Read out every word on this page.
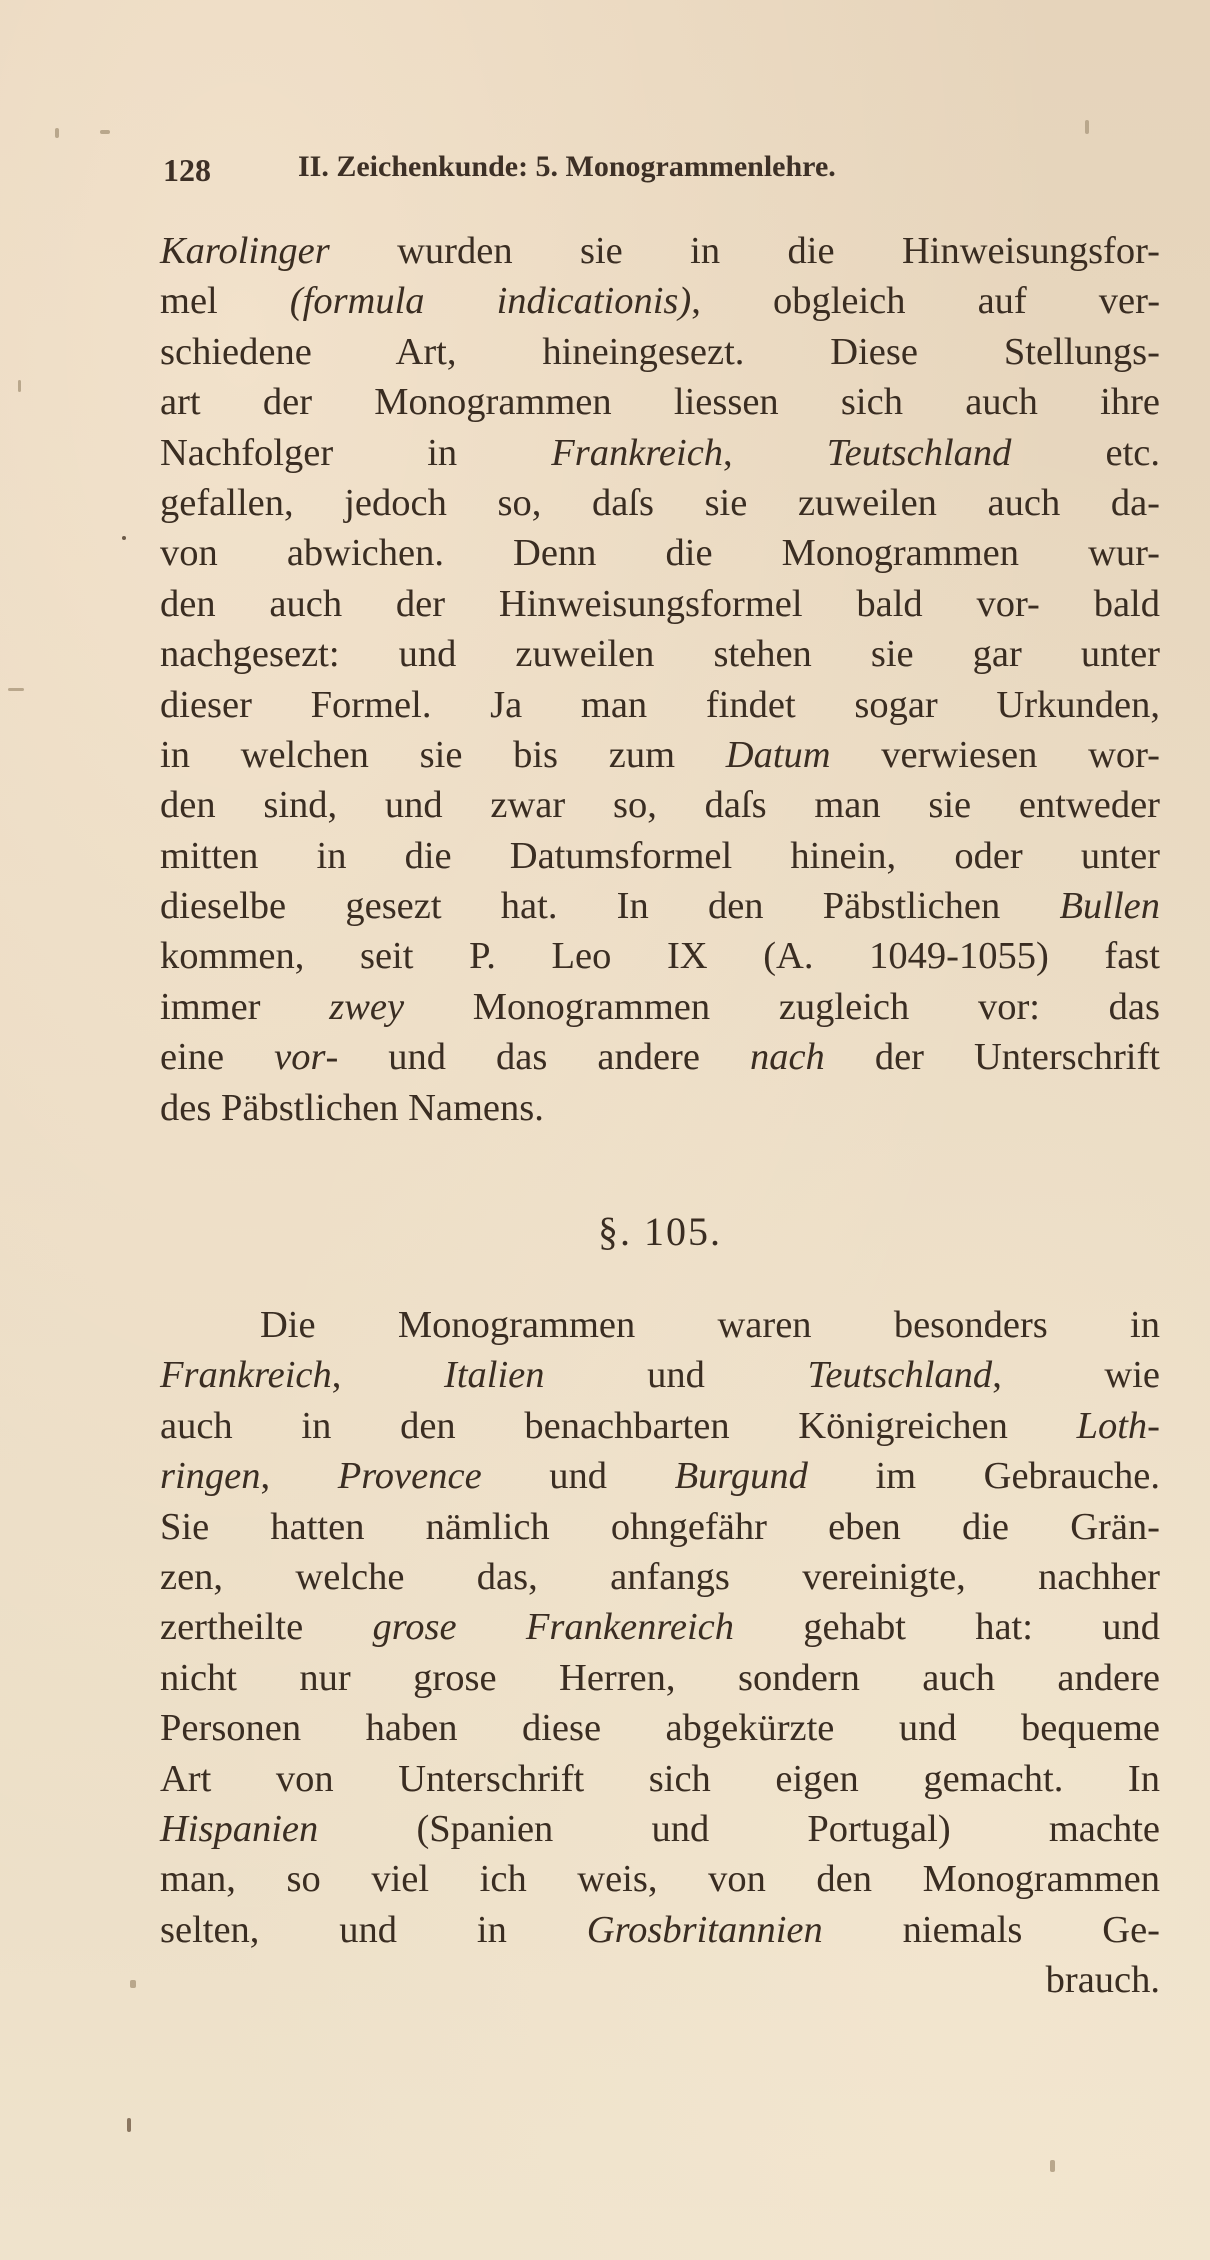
128	II. Zeichenkunde: 5. Monogrammenlehre.
Karolinger wurden sie in die Hinweisungsfor-
mel (formula indicationis), obgleich auf ver-
schiedene Art, hineingesezt. Diese Stellungs-
art der Monogrammen liessen sich auch ihre
Nachfolger in Frankreich, Teutschland etc.
gefallen, jedoch so, daſs sie zuweilen auch da-
von abwichen. Denn die Monogrammen wur-
den auch der Hinweisungsformel bald vor- bald
nachgesezt: und zuweilen stehen sie gar unter
dieser Formel. Ja man findet sogar Urkunden,
in welchen sie bis zum Datum verwiesen wor-
den sind, und zwar so, daſs man sie entweder
mitten in die Datumsformel hinein, oder unter
dieselbe gesezt hat. In den Päbstlichen Bullen
kommen, seit P. Leo IX (A. 1049-1055) fast
immer zwey Monogrammen zugleich vor: das
eine vor- und das andere nach der Unterschrift
des Päbstlichen Namens.
§. 105.
Die Monogrammen waren besonders in
Frankreich, Italien und Teutschland, wie
auch in den benachbarten Königreichen Loth-
ringen, Provence und Burgund im Gebrauche.
Sie hatten nämlich ohngefähr eben die Grän-
zen, welche das, anfangs vereinigte, nachher
zertheilte grose Frankenreich gehabt hat: und
nicht nur grose Herren, sondern auch andere
Personen haben diese abgekürzte und bequeme
Art von Unterschrift sich eigen gemacht. In
Hispanien (Spanien und Portugal) machte
man, so viel ich weis, von den Monogrammen
selten, und in Grosbritannien niemals Ge-
brauch.
